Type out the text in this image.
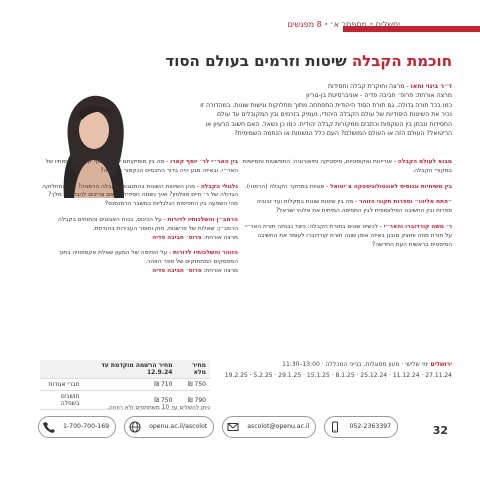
יחשלים•מספסר א׳•8 מפגשים
חוכמת הקבלה שיטות וזרמים בעולם הסוד
ד״ר בינוי וחאו - מרצה וחוקרת קבלה וחסידות
מרצה אורחת: פרופ׳ חביבה פדיה - אוניברסיטת בן-גוריון
כמו בכל תורה גדולה, גם תורת הסוד היהודית התפתחה מתוך מחלוקות וגישות שונות. במהדורה זו נכיר את השיטות היסודיות של עולם הקבלה היהודי, נעמיק בזרמים ובין המקובלים עד עולם החסידות ונבחן בין השקפות וכתבים ממקורות קבלה יהודית. כמו כן נשאל, האם חשוב הרעיון או הריטואל? העולם הזה או העולם המושלם? העם כלל הנשמות או הנחמה השמימית?
מבוא לעולם הקבלה - אוריינות ואקוסטיות, מיסטיקה ותיאורוגיה: התפשטות וחמישיות במקורי הקבלה.
בין משיחיות וגנוסיס לאונטולוגיסטקה צ׳יטואל - סוגיות במחקר הקבלה (הרמוני).
״פתח אליהו״ וספרות תקוני הזוהר - מה בין שיטות שונות במקלות ועד זבוביה ספרות ובין החשיבה הפילוסופית לבין התפיסה המיתית את אלוהי ישראל?
ר׳ משה קורדוברו והאר״י - לכשיט שונים בתורת הקבלה: כיצד נבנתה תורת האר״י על תורת מוזה ותוצק מובנן באיזה אופן שונה תורת קורדוברו לעומד את החשיבה המיסטית בראשית העת החדשה?
בין האר״י לר׳ יוסף קארו - מה בין מוסיקותם של ר׳ יוסף קארו ותפיסותיו של האר״י, ובאיזה מגע היה בדור החכמים הכקסור הקבלה?
גלגולי הקבלה - מהן השיטות השונות בהתנגנות הקבלה הרמניה? מה המחלוקה הגדולה של ר׳ חיים מוולוזין? ואיך נשמה חסידית? האם צריכים להבין את מלך? מהי השפעה בין התפיסות הגלגליות במשבר הרמנסנס?
הרמב״ן והשלכותיו לדורות - על הכינוס, בכוח האגוטים והתוחים בקבלה הרמב״ן: שאלות של פרשנות, חוק וחוסר העבירות בהנדסת.
מרצה אורחת: פרופ׳ חביבה פדיה
הזוהר והשלכותיו לדורות - על הפיוסה של המעון שאלת אקספוזיה בתוך המפסקים המתחזקים של ספר הזוהר.
מרצה אורחת: פרופ׳ חביבה פדיה
ירושלים ימי שלישי · מעון מסוגלות, בנייני המכללה · 13:00–11:30
27.11.24 · 11.12.24 · 25.12.24 · 8.1.25 · 15.1.25 · 29.1.25 · 5.2.25 · 19.2.25
מחיר מלא	מחיר הרשמה מוקדמת עד 12.9.24	
750 ₪	710 ₪	חברי אגודות
790 ₪	750 ₪	תושבים בשפלה
ניתן להשלים עד 10 משתתפים ולא רווחה.
1-700-700-169	openu.ac.il/ascolot	ascolot@openu.ac.il	052-2363397	32
